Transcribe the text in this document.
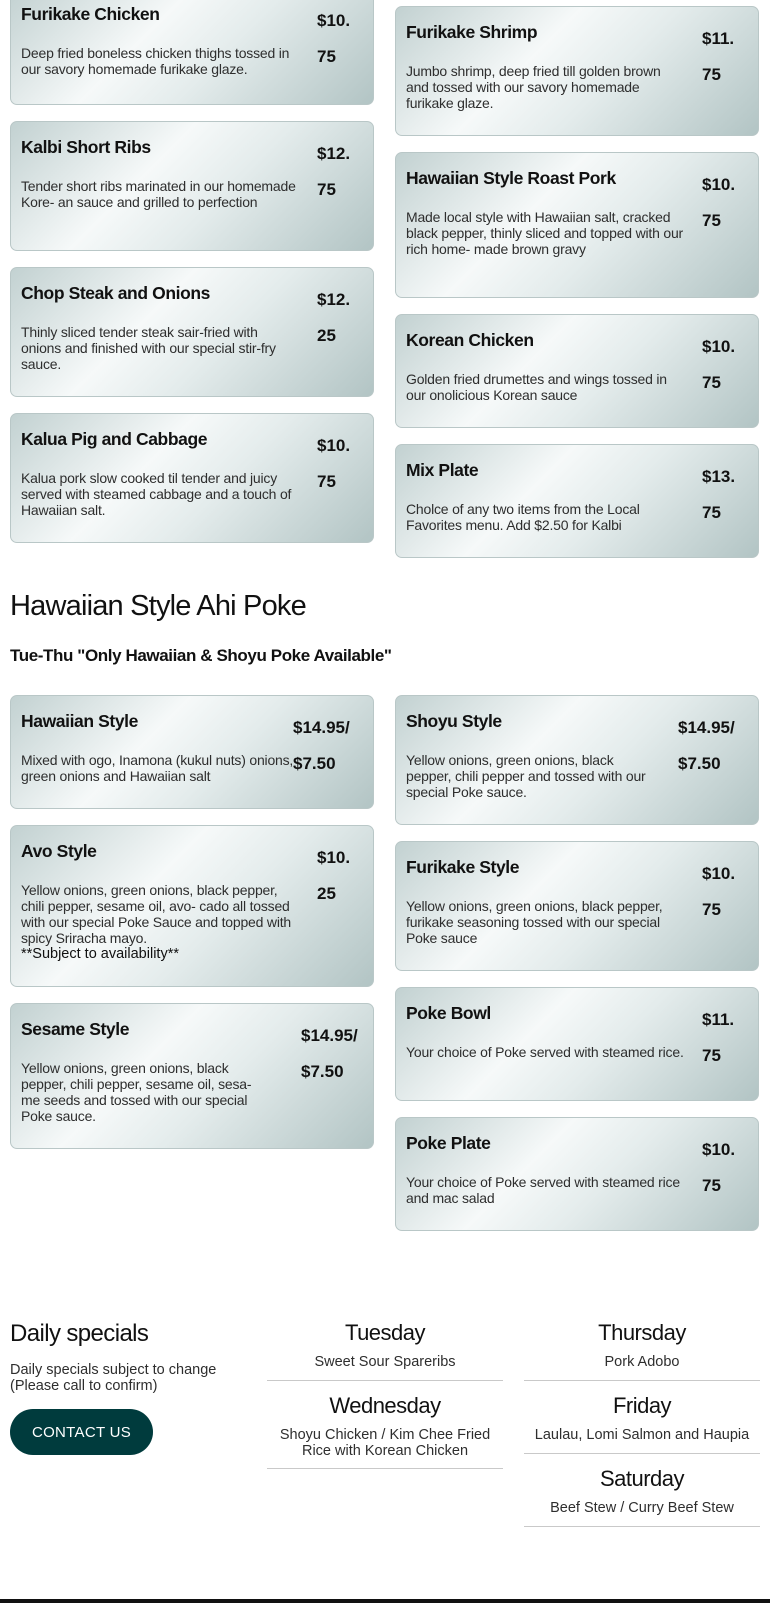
Furikake Chicken	$10.75
Deep fried boneless chicken thighs tossed in our savory homemade furikake glaze.
Kalbi Short Ribs	$12.75
Tender short ribs marinated in our homemade Kore- an sauce and grilled to perfection
Chop Steak and Onions	$12.25
Thinly sliced tender steak sair-fried with onions and finished with our special stir-fry sauce.
Kalua Pig and Cabbage	$10.75
Kalua pork slow cooked til tender and juicy served with steamed cabbage and a touch of Hawaiian salt.
Furikake Shrimp	$11.75
Jumbo shrimp, deep fried till golden brown and tossed with our savory homemade furikake glaze.
Hawaiian Style Roast Pork	$10.75
Made local style with Hawaiian salt, cracked black pepper, thinly sliced and topped with our rich home- made brown gravy
Korean Chicken	$10.75
Golden fried drumettes and wings tossed in our onolicious Korean sauce
Mix Plate	$13.75
Cholce of any two items from the Local Favorites menu. Add $2.50 for Kalbi
Hawaiian Style Ahi Poke
Tue-Thu "Only Hawaiian & Shoyu Poke Available"
Hawaiian Style	$14.95/$7.50
Mixed with ogo, Inamona (kukul nuts) onions, green onions and Hawaiian salt
Avo Style	$10.25
Yellow onions, green onions, black pepper, chili pepper, sesame oil, avo- cado all tossed with our special Poke Sauce and topped with spicy Sriracha mayo.
**Subject to availability**
Sesame Style	$14.95/ $7.50
Yellow onions, green onions, black pepper, chili pepper, sesame oil, sesa- me seeds and tossed with our special Poke sauce.
Shoyu Style	$14.95/$7.50
Yellow onions, green onions, black pepper, chili pepper and tossed with our special Poke sauce.
Furikake Style	$10.75
Yellow onions, green onions, black pepper, furikake seasoning tossed with our special Poke sauce
Poke Bowl	$11.75
Your choice of Poke served with steamed rice.
Poke Plate	$10.75
Your choice of Poke served with steamed rice and mac salad
Daily specials

Daily specials subject to change (Please call to confirm)

CONTACT US
Tuesday
Sweet Sour Spareribs
Wednesday
Shoyu Chicken / Kim Chee Fried Rice with Korean Chicken
Thursday
Pork Adobo
Friday
Laulau, Lomi Salmon and Haupia
Saturday
Beef Stew / Curry Beef Stew
